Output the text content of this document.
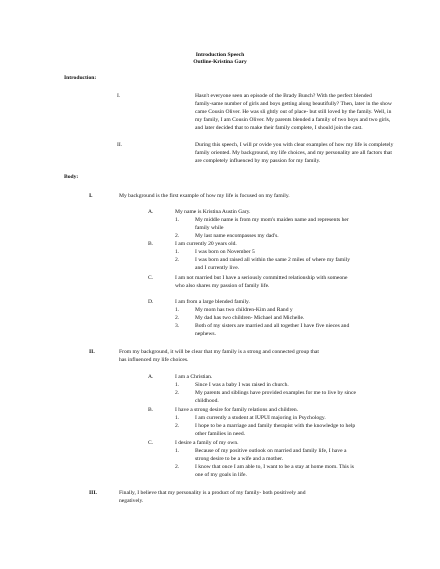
Introduction Speech
Outline-Kristina Gary
Introduction:
I.	Hasn't everyone seen an episode of the Brady Bunch? With the perfect blended
family-same number of girls and boys getting along beautifully? Then, later in the show
came Cousin Oliver. He was sli ghtly out of place- but still loved by the family. Well, in
my family, I am Cousin Oliver. My parents blended a family of two boys and two girls,
and later decided that to make their family complete, I should join the cast.
II.	During this speech, I will pr ovide you with clear examples of how my life is completely
family oriented. My background, my life choices, and my personality are all factors that
are completely influenced by my passion for my family.
Body:
I.	My background is the first example of how my life is focused on my family.
A.	My name is Kristina Austin Gary.
1.	My middle name is from my mom's maiden name and represents her
family while
2.	My last name encompasses my dad's.
B.	I am currently 20 years old.
1.	I was born on November 5
2.	I was born and raised all within the same 2 miles of where my family
and I currently live.
C.	I am not married but I have a seriously committed relationship with someone
who also shares my passion of family life.
D.	I am from a large blended family.
1.	My mom has two children-Kim and Rand y
2.	My dad has two children- Michael and Michelle.
3.	Both of my sisters are married and all together I have five nieces and
nephews.
II.	From my background, it will be clear that my family is a strong and connected group that
has influenced my life choices.
A.	I am a Christian.
1.	Since I was a baby I was raised in church.
2.	My parents and siblings have provided examples for me to live by since
childhood.
B.	I have a strong desire for family relations and children.
1.	I am currently a student at IUPUI majoring in Psychology.
2.	I hope to be a marriage and family therapist with the knowledge to help
other families in need.
C.	I desire a family of my own.
1.	Because of my positive outlook on married and family life, I have a
strong desire to be a wife and a mother.
2.	I know that once I am able to, I want to be a stay at home mom. This is
one of my goals in life.
III.	Finally, I believe that my personality is a product of my family- both positively and
negatively.
